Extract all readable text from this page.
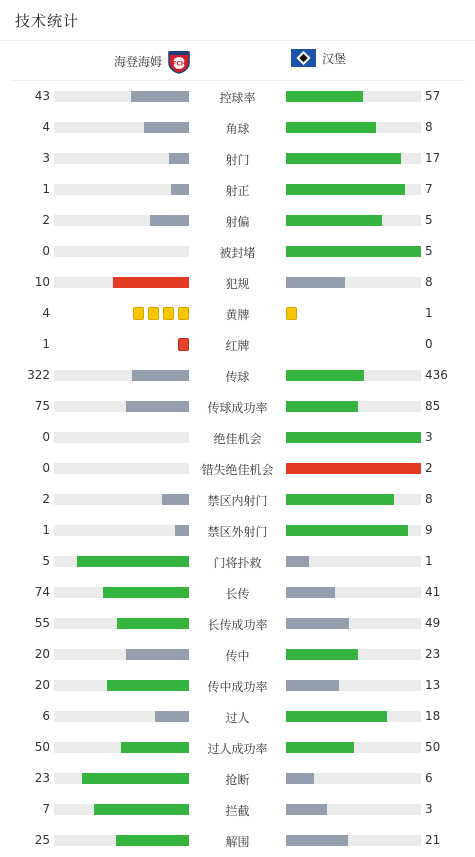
技术统计
海登海姆 FCH	汉堡
43	控球率	57
4	角球	8
3	射门	17
1	射正	7
2	射偏	5
0	被封堵	5
10	犯规	8
4	黄牌	1
1	红牌	0
322	传球	436
75	传球成功率	85
0	绝佳机会	3
0	错失绝佳机会	2
2	禁区内射门	8
1	禁区外射门	9
5	门将扑救	1
74	长传	41
55	长传成功率	49
20	传中	23
20	传中成功率	13
6	过人	18
50	过人成功率	50
23	抢断	6
7	拦截	3
25	解围	21
